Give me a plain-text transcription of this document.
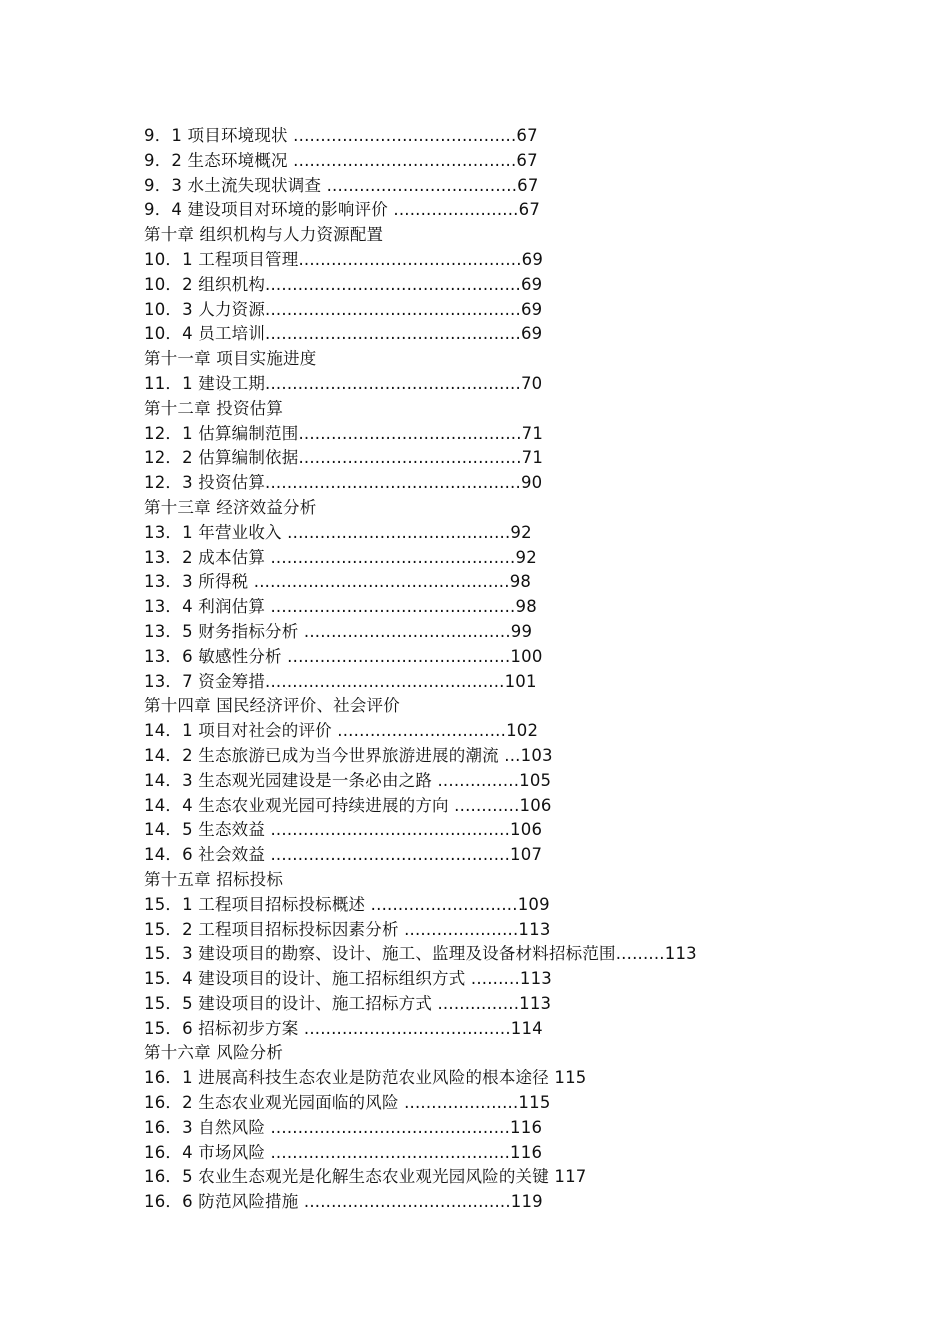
9．1 项目环境现状 .........................................67
9．2 生态环境概况 .........................................67
9．3 水土流失现状调查 ...................................67
9．4 建设项目对环境的影响评价 .......................67
第十章 组织机构与人力资源配置
10．1 工程项目管理.........................................69
10．2 组织机构...............................................69
10．3 人力资源...............................................69
10．4 员工培训...............................................69
第十一章 项目实施进度
11．1 建设工期...............................................70
第十二章 投资估算
12．1 估算编制范围.........................................71
12．2 估算编制依据.........................................71
12．3 投资估算...............................................90
第十三章 经济效益分析
13．1 年营业收入 .........................................92
13．2 成本估算 .............................................92
13．3 所得税 ...............................................98
13．4 利润估算 .............................................98
13．5 财务指标分析 ......................................99
13．6 敏感性分析 .........................................100
13．7 资金筹措............................................101
第十四章 国民经济评价、社会评价
14．1 项目对社会的评价 ...............................102
14．2 生态旅游已成为当今世界旅游进展的潮流 ...103
14．3 生态观光园建设是一条必由之路 ...............105
14．4 生态农业观光园可持续进展的方向 ............106
14．5 生态效益 ............................................106
14．6 社会效益 ............................................107
第十五章 招标投标
15．1 工程项目招标投标概述 ...........................109
15．2 工程项目招标投标因素分析 .....................113
15．3 建设项目的勘察、设计、施工、监理及设备材料招标范围.........113
15．4 建设项目的设计、施工招标组织方式 .........113
15．5 建设项目的设计、施工招标方式 ...............113
15．6 招标初步方案 ......................................114
第十六章 风险分析
16．1 进展高科技生态农业是防范农业风险的根本途径 115
16．2 生态农业观光园面临的风险 .....................115
16．3 自然风险 ............................................116
16．4 市场风险 ............................................116
16．5 农业生态观光是化解生态农业观光园风险的关键 117
16．6 防范风险措施 ......................................119
